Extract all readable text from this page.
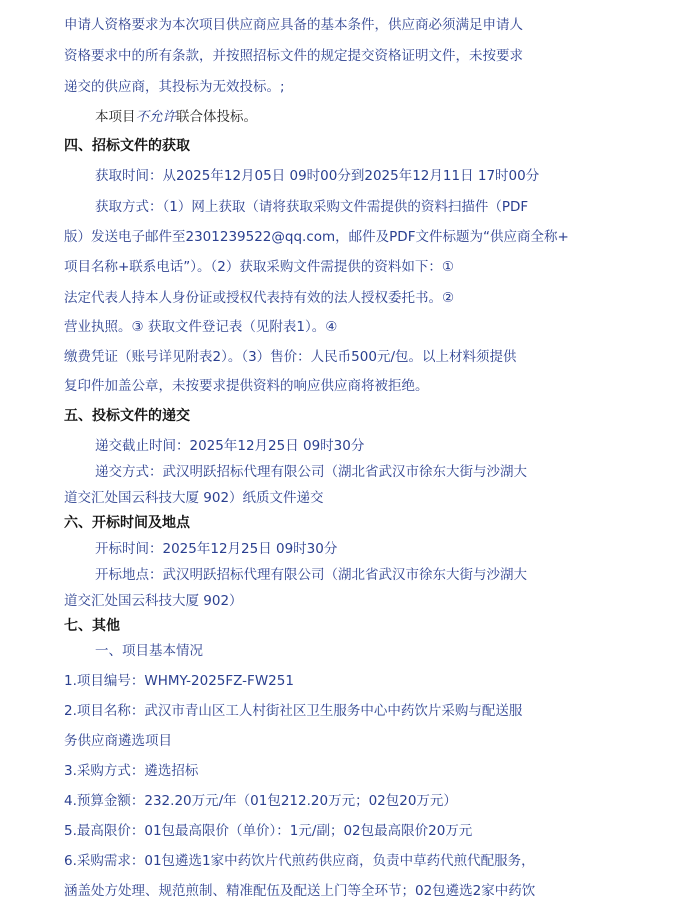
申请人资格要求为本次项目供应商应具备的基本条件，供应商必须满足申请人
资格要求中的所有条款，并按照招标文件的规定提交资格证明文件，未按要求
递交的供应商，其投标为无效投标。;
本项目不允许联合体投标。
四、招标文件的获取
获取时间：从2025年12月05日 09时00分到2025年12月11日 17时00分
获取方式：（1）网上获取（请将获取采购文件需提供的资料扫描件（PDF
版）发送电子邮件至2301239522@qq.com，邮件及PDF文件标题为“供应商全称+
项目名称+联系电话”）。（2）获取采购文件需提供的资料如下：①
法定代表人持本人身份证或授权代表持有效的法人授权委托书。②
营业执照。③ 获取文件登记表（见附表1）。④
缴费凭证（账号详见附表2）。（3）售价：人民币500元/包。以上材料须提供
复印件加盖公章，未按要求提供资料的响应供应商将被拒绝。
五、投标文件的递交
递交截止时间：2025年12月25日 09时30分
递交方式：武汉明跃招标代理有限公司（湖北省武汉市徐东大街与沙湖大
道交汇处国云科技大厦 902）纸质文件递交
六、开标时间及地点
开标时间：2025年12月25日 09时30分
开标地点：武汉明跃招标代理有限公司（湖北省武汉市徐东大街与沙湖大
道交汇处国云科技大厦 902）
七、其他
一、项目基本情况
1.项目编号：WHMY-2025FZ-FW251
2.项目名称：武汉市青山区工人村街社区卫生服务中心中药饮片采购与配送服
务供应商遴选项目
3.采购方式：遴选招标
4.预算金额：232.20万元/年（01包212.20万元；02包20万元）
5.最高限价：01包最高限价（单价）：1元/副；02包最高限价20万元
6.采购需求：01包遴选1家中药饮片代煎药供应商，负责中草药代煎代配服务，
涵盖处方处理、规范煎制、精准配伍及配送上门等全环节；02包遴选2家中药饮
